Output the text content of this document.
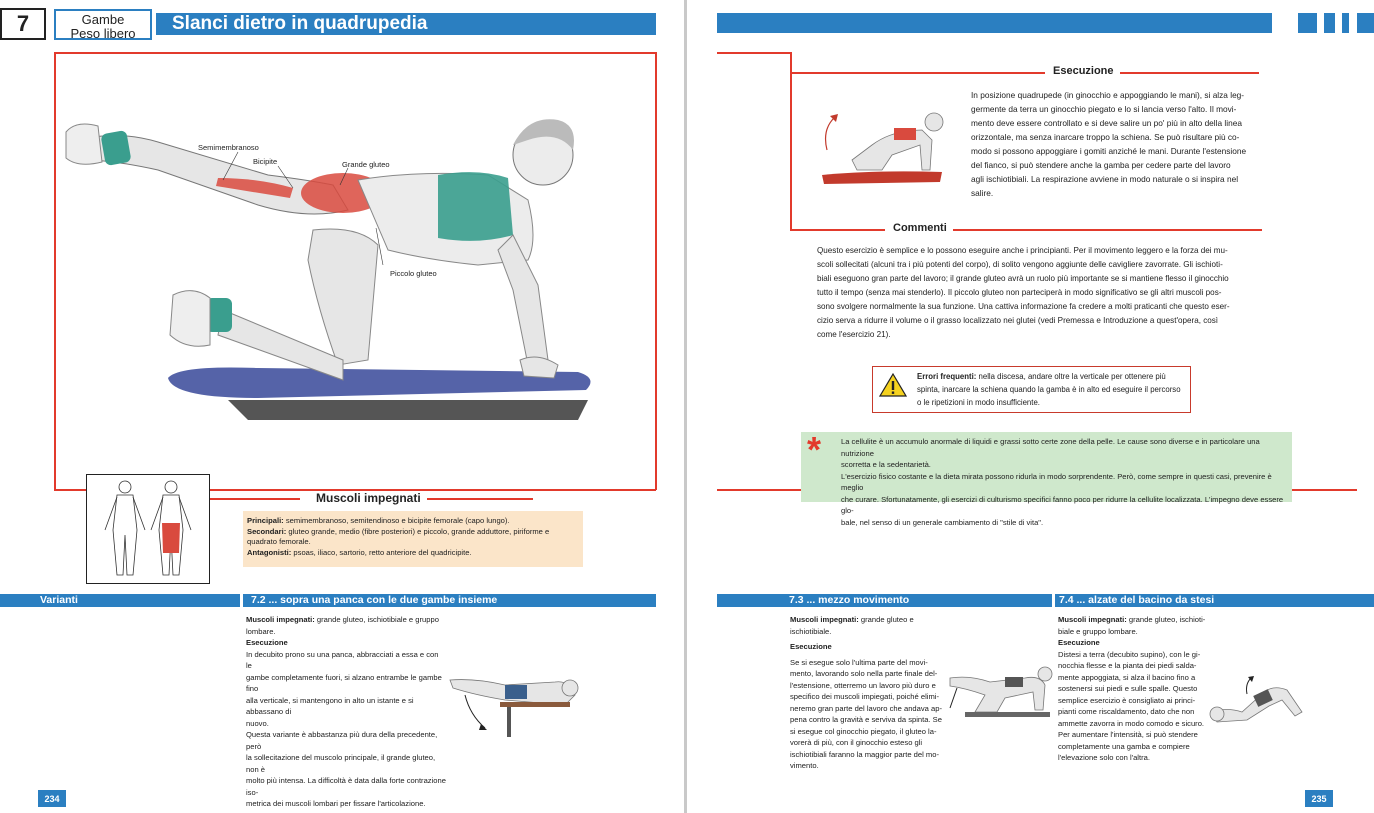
7	Gambe
Peso libero	Slanci dietro in quadrupedia
Semimembranoso
Bicipite	Grande gluteo
Piccolo gluteo
Muscoli impegnati
Principali: semimembranoso, semitendinoso e bicipite femorale (capo lungo).
Secondari: gluteo grande, medio (fibre posteriori) e piccolo, grande adduttore, piriforme e quadrato femorale.
Antagonisti: psoas, iliaco, sartorio, retto anteriore del quadricipite.
Varianti	7.2 ... sopra una panca con le due gambe insieme
Muscoli impegnati: grande gluteo, ischiotibiale e gruppo lombare.
Esecuzione
In decubito prono su una panca, abbracciati a essa e con le
gambe completamente fuori, si alzano entrambe le gambe fino
alla verticale, si mantengono in alto un istante e si abbassano di
nuovo.
Questa variante è abbastanza più dura della precedente, però
la sollecitazione del muscolo principale, il grande gluteo, non è
molto più intensa. La difficoltà è data dalla forte contrazione iso-
metrica dei muscoli lombari per fissare l'articolazione.
234
Esecuzione
In posizione quadrupede (in ginocchio e appoggiando le mani), si alza leg-
germente da terra un ginocchio piegato e lo si lancia verso l'alto. Il movi-
mento deve essere controllato e si deve salire un po' più in alto della linea
orizzontale, ma senza inarcare troppo la schiena. Se può risultare più co-
modo si possono appoggiare i gomiti anziché le mani. Durante l'estensione
del fianco, si può stendere anche la gamba per cedere parte del lavoro
agli ischiotibiali. La respirazione avviene in modo naturale o si inspira nel
salire.
Commenti
Questo esercizio è semplice e lo possono eseguire anche i principianti. Per il movimento leggero e la forza dei mu-
scoli sollecitati (alcuni tra i più potenti del corpo), di solito vengono aggiunte delle cavigliere zavorrate. Gli ischioti-
biali eseguono gran parte del lavoro; il grande gluteo avrà un ruolo più importante se si mantiene flesso il ginocchio
tutto il tempo (senza mai stenderlo). Il piccolo gluteo non parteciperà in modo significativo se gli altri muscoli pos-
sono svolgere normalmente la sua funzione. Una cattiva informazione fa credere a molti praticanti che questo eser-
cizio serva a ridurre il volume o il grasso localizzato nei glutei (vedi Premessa e Introduzione a quest'opera, così
come l'esercizio 21).
Errori frequenti: nella discesa, andare oltre la verticale per ottenere più
spinta, inarcare la schiena quando la gamba è in alto ed eseguire il percorso
o le ripetizioni in modo insufficiente.
*	La cellulite è un accumulo anormale di liquidi e grassi sotto certe zone della pelle. Le cause sono diverse e in particolare una nutrizione
scorretta e la sedentarietà.
L'esercizio fisico costante e la dieta mirata possono ridurla in modo sorprendente. Però, come sempre in questi casi, prevenire è meglio
che curare. Sfortunatamente, gli esercizi di culturismo specifici fanno poco per ridurre la cellulite localizzata. L'impegno deve essere glo-
bale, nel senso di un generale cambiamento di "stile di vita".
7.3 ... mezzo movimento	7.4 ... alzate del bacino da stesi
Muscoli impegnati: grande gluteo e ischiotibiale.
Esecuzione
Se si esegue solo l'ultima parte del movi-
mento, lavorando solo nella parte finale del-
l'estensione, otterremo un lavoro più duro e
specifico dei muscoli impiegati, poiché elimi-
neremo gran parte del lavoro che andava ap-
pena contro la gravità e serviva da spinta. Se
si esegue col ginocchio piegato, il gluteo la-
vorerà di più, con il ginocchio esteso gli
ischiotibiali faranno la maggior parte del mo-
vimento.
Muscoli impegnati: grande gluteo, ischioti-
biale e gruppo lombare.
Esecuzione
Distesi a terra (decubito supino), con le gi-
nocchia flesse e la pianta dei piedi salda-
mente appoggiata, si alza il bacino fino a
sostenersi sui piedi e sulle spalle. Questo
semplice esercizio è consigliato ai princi-
pianti come riscaldamento, dato che non
ammette zavorra in modo comodo e sicuro.
Per aumentare l'intensità, si può stendere
completamente una gamba e compiere
l'elevazione solo con l'altra.
235
